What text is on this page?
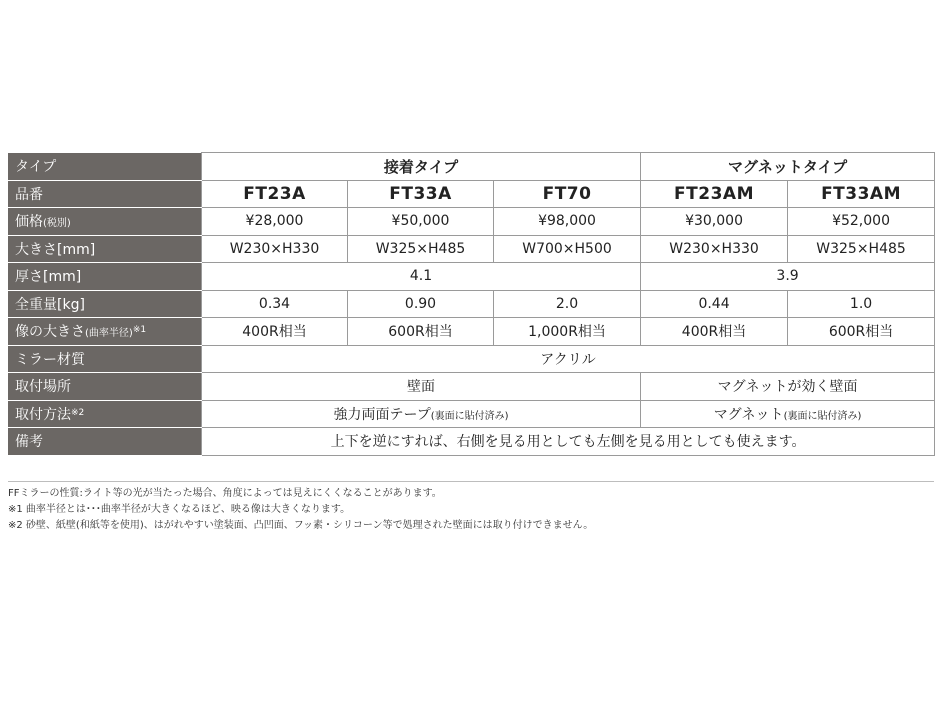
タイプ	接着タイプ			マグネットタイプ	
品番	FT23A	FT33A	FT70	FT23AM	FT33AM
価格(税別)	¥28,000	¥50,000	¥98,000	¥30,000	¥52,000
大きさ[mm]	W230×H330	W325×H485	W700×H500	W230×H330	W325×H485
厚さ[mm]	4.1			3.9	
全重量[kg]	0.34	0.90	2.0	0.44	1.0
像の大きさ(曲率半径)$^{※1}$	400R相当	600R相当	1,000R相当	400R相当	600R相当
ミラー材質	アクリル				
取付場所	壁面			マグネットが効く壁面	
取付方法$^{※2}$	強力両面テープ(裏面に貼付済み)			マグネット(裏面に貼付済み)	
備考	上下を逆にすれば、右側を見る用としても左側を見る用としても使えます。				

FFミラーの性質:ライト等の光が当たった場合、角度によっては見えにくくなることがあります。

※1 曲率半径とは･･･曲率半径が大きくなるほど、映る像は大きくなります。

※2 砂壁、紙壁(和紙等を使用)、はがれやすい塗装面、凸凹面、フッ素・シリコーン等で処理された壁面には取り付けできません。
